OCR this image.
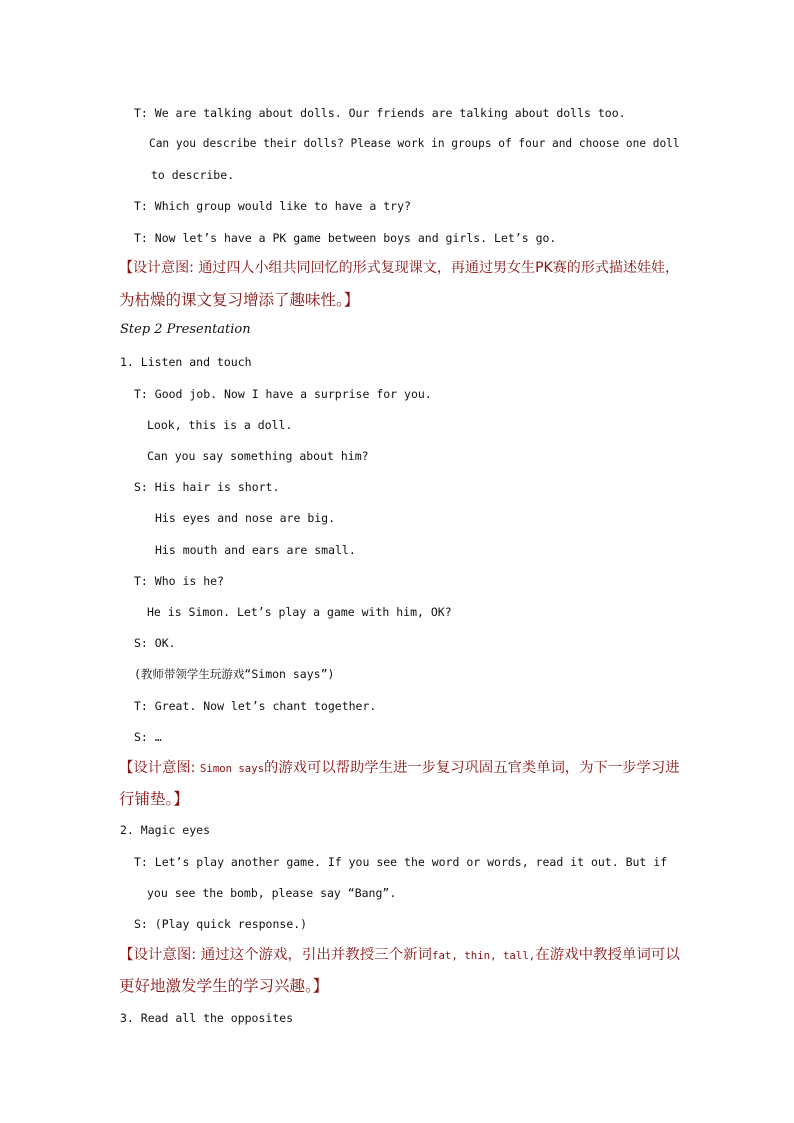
T: We are talking about dolls. Our friends are talking about dolls too.
Can you describe their dolls? Please work in groups of four and choose one doll
to describe.
T: Which group would like to have a try?
T: Now let’s have a PK game between boys and girls. Let’s go.
【设计意图: 通过四人小组共同回忆的形式复现课文，再通过男女生PK赛的形式描述娃娃，
为枯燥的课文复习增添了趣味性。】
Step 2 Presentation
1. Listen and touch
T: Good job. Now I have a surprise for you.
Look, this is a doll.
Can you say something about him?
S: His hair is short.
His eyes and nose are big.
His mouth and ears are small.
T: Who is he?
He is Simon. Let’s play a game with him, OK?
S: OK.
(教师带领学生玩游戏“Simon says”)
T: Great. Now let’s chant together.
S: …
【设计意图: Simon says的游戏可以帮助学生进一步复习巩固五官类单词，为下一步学习进
行铺垫。】
2. Magic eyes
T: Let’s play another game. If you see the word or words, read it out. But if
you see the bomb, please say “Bang”.
S: (Play quick response.)
【设计意图: 通过这个游戏，引出并教授三个新词fat, thin, tall,在游戏中教授单词可以
更好地激发学生的学习兴趣。】
3. Read all the opposites
